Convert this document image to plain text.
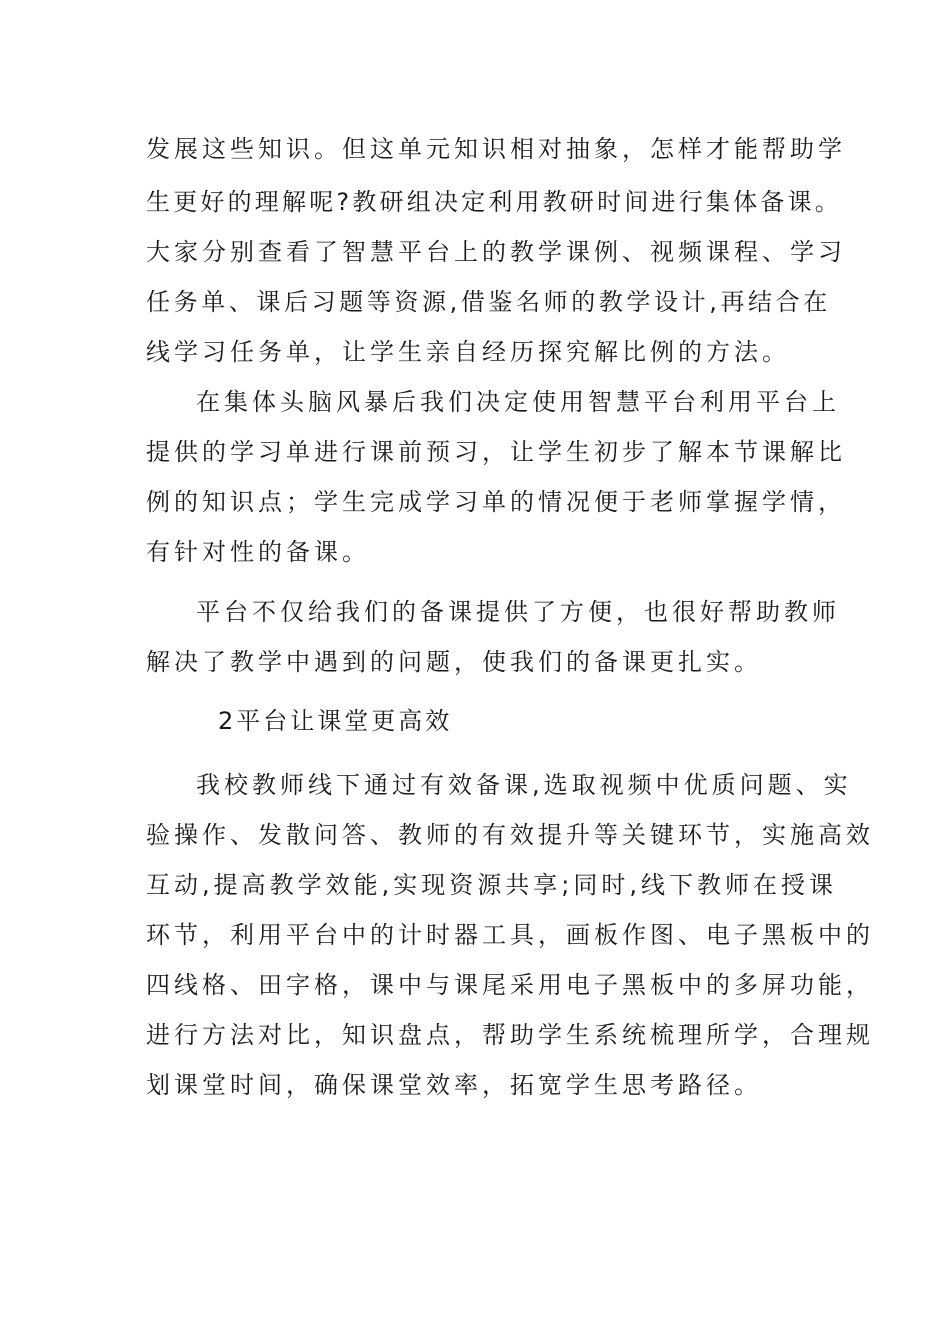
发展这些知识。但这单元知识相对抽象，怎样才能帮助学

生更好的理解呢?教研组决定利用教研时间进行集体备课。

大家分别查看了智慧平台上的教学课例、视频课程、学习

任务单、课后习题等资源,借鉴名师的教学设计,再结合在

线学习任务单，让学生亲自经历探究解比例的方法。

在集体头脑风暴后我们决定使用智慧平台利用平台上

提供的学习单进行课前预习，让学生初步了解本节课解比

例的知识点；学生完成学习单的情况便于老师掌握学情，

有针对性的备课。

平台不仅给我们的备课提供了方便，也很好帮助教师

解决了教学中遇到的问题，使我们的备课更扎实。

2平台让课堂更高效

我校教师线下通过有效备课,选取视频中优质问题、实

验操作、发散问答、教师的有效提升等关键环节，实施高效

互动,提高教学效能,实现资源共享;同时,线下教师在授课

环节，利用平台中的计时器工具，画板作图、电子黑板中的

四线格、田字格，课中与课尾采用电子黑板中的多屏功能，

进行方法对比，知识盘点，帮助学生系统梳理所学，合理规

划课堂时间，确保课堂效率，拓宽学生思考路径。
